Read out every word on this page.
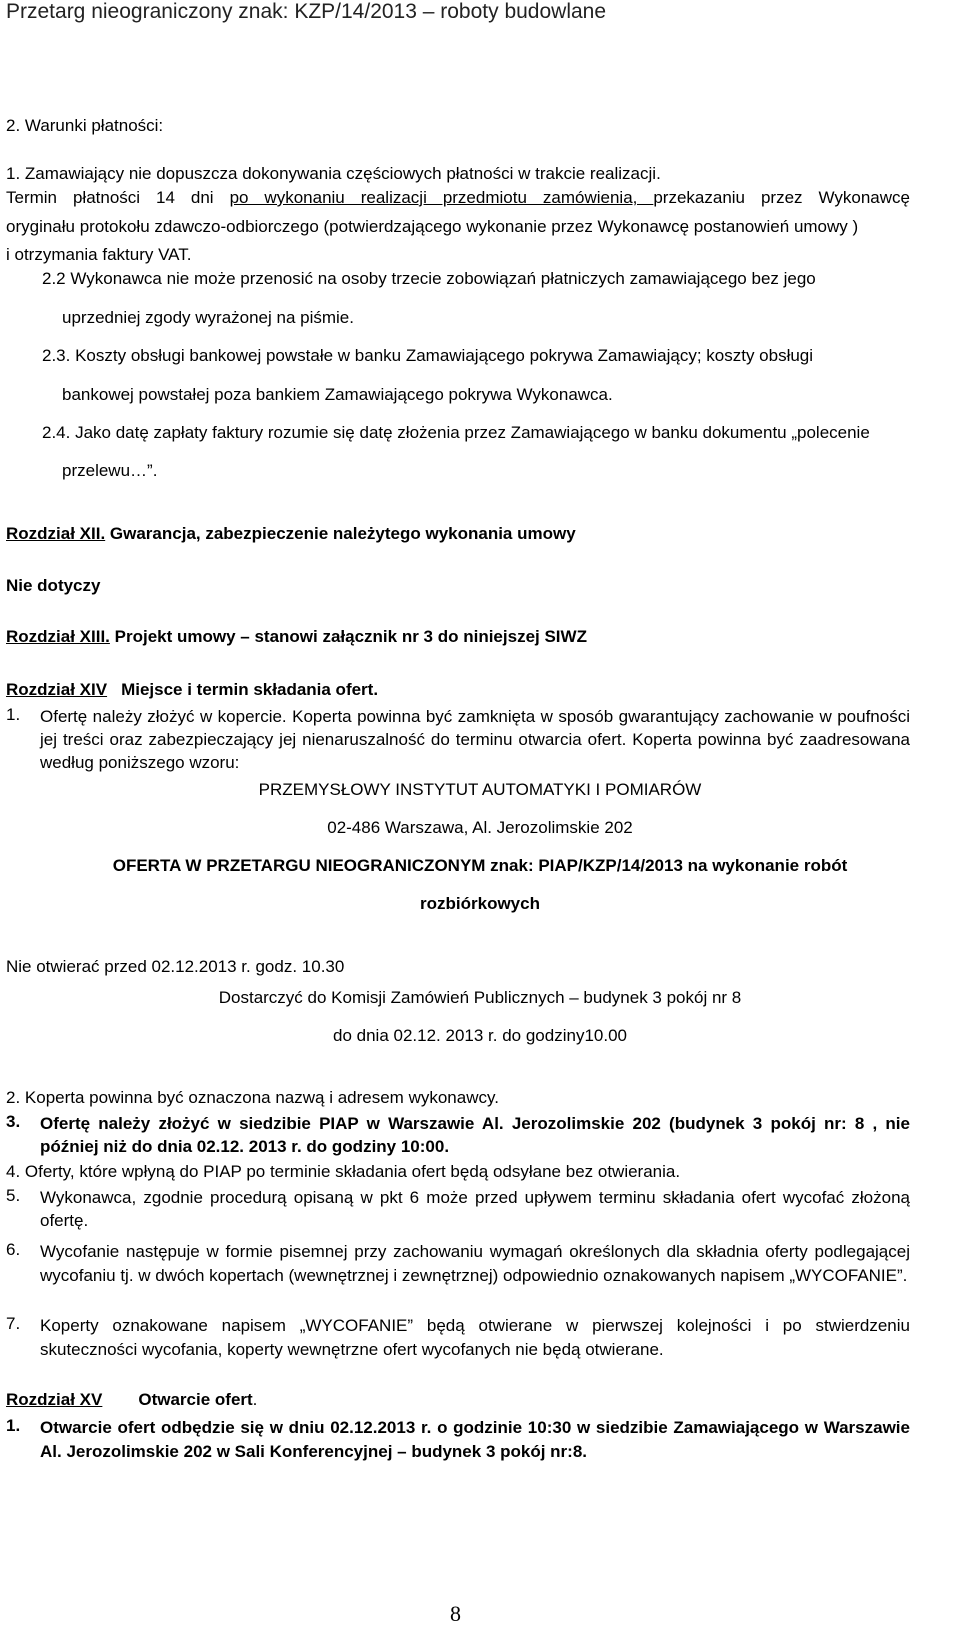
Przetarg nieograniczony znak: KZP/14/2013 – roboty budowlane
2. Warunki płatności:
1. Zamawiający nie dopuszcza dokonywania częściowych płatności w trakcie realizacji.
Termin płatności 14 dni po wykonaniu realizacji przedmiotu zamówienia, przekazaniu przez Wykonawcę
oryginału protokołu zdawczo-odbiorczego (potwierdzającego wykonanie przez Wykonawcę postanowień umowy )
i otrzymania faktury VAT.
2.2 Wykonawca nie może przenosić na osoby trzecie zobowiązań płatniczych zamawiającego bez jego
uprzedniej zgody wyrażonej na piśmie.
2.3. Koszty obsługi bankowej powstałe w banku Zamawiającego pokrywa Zamawiający; koszty obsługi
bankowej powstałej poza bankiem Zamawiającego pokrywa Wykonawca.
2.4. Jako datę zapłaty faktury rozumie się datę złożenia przez Zamawiającego w banku dokumentu „polecenie
przelewu…”.
Rozdział XII. Gwarancja, zabezpieczenie należytego wykonania umowy
Nie dotyczy
Rozdział XIII. Projekt umowy – stanowi załącznik nr 3 do niniejszej SIWZ
Rozdział XIV Miejsce i termin składania ofert.
1. Ofertę należy złożyć w kopercie. Koperta powinna być zamknięta w sposób gwarantujący zachowanie w poufności jej treści oraz zabezpieczający jej nienaruszalność do terminu otwarcia ofert. Koperta powinna być zaadresowana według poniższego wzoru:
PRZEMYSŁOWY INSTYTUT AUTOMATYKI I POMIARÓW
02-486 Warszawa, Al. Jerozolimskie 202
OFERTA W PRZETARGU NIEOGRANICZONYM znak: PIAP/KZP/14/2013 na wykonanie robót
rozbiórkowych
Nie otwierać przed 02.12.2013 r. godz. 10.30
Dostarczyć do Komisji Zamówień Publicznych – budynek 3 pokój nr 8
do dnia 02.12. 2013 r. do godziny10.00
2. Koperta powinna być oznaczona nazwą i adresem wykonawcy.
3. Ofertę należy złożyć w siedzibie PIAP w Warszawie Al. Jerozolimskie 202 (budynek 3 pokój nr: 8 , nie później niż do dnia 02.12. 2013 r. do godziny 10:00.
4. Oferty, które wpłyną do PIAP po terminie składania ofert będą odsyłane bez otwierania.
5. Wykonawca, zgodnie procedurą opisaną w pkt 6 może przed upływem terminu składania ofert wycofać złożoną ofertę.
6. Wycofanie następuje w formie pisemnej przy zachowaniu wymagań określonych dla składnia oferty podlegającej wycofaniu tj. w dwóch kopertach (wewnętrznej i zewnętrznej) odpowiednio oznakowanych napisem „WYCOFANIE”.
7. Koperty oznakowane napisem „WYCOFANIE” będą otwierane w pierwszej kolejności i po stwierdzeniu skuteczności wycofania, koperty wewnętrzne ofert wycofanych nie będą otwierane.
Rozdział XV Otwarcie ofert.
1. Otwarcie ofert odbędzie się w dniu 02.12.2013 r. o godzinie 10:30 w siedzibie Zamawiającego w Warszawie Al. Jerozolimskie 202 w Sali Konferencyjnej – budynek 3 pokój nr:8.
8
